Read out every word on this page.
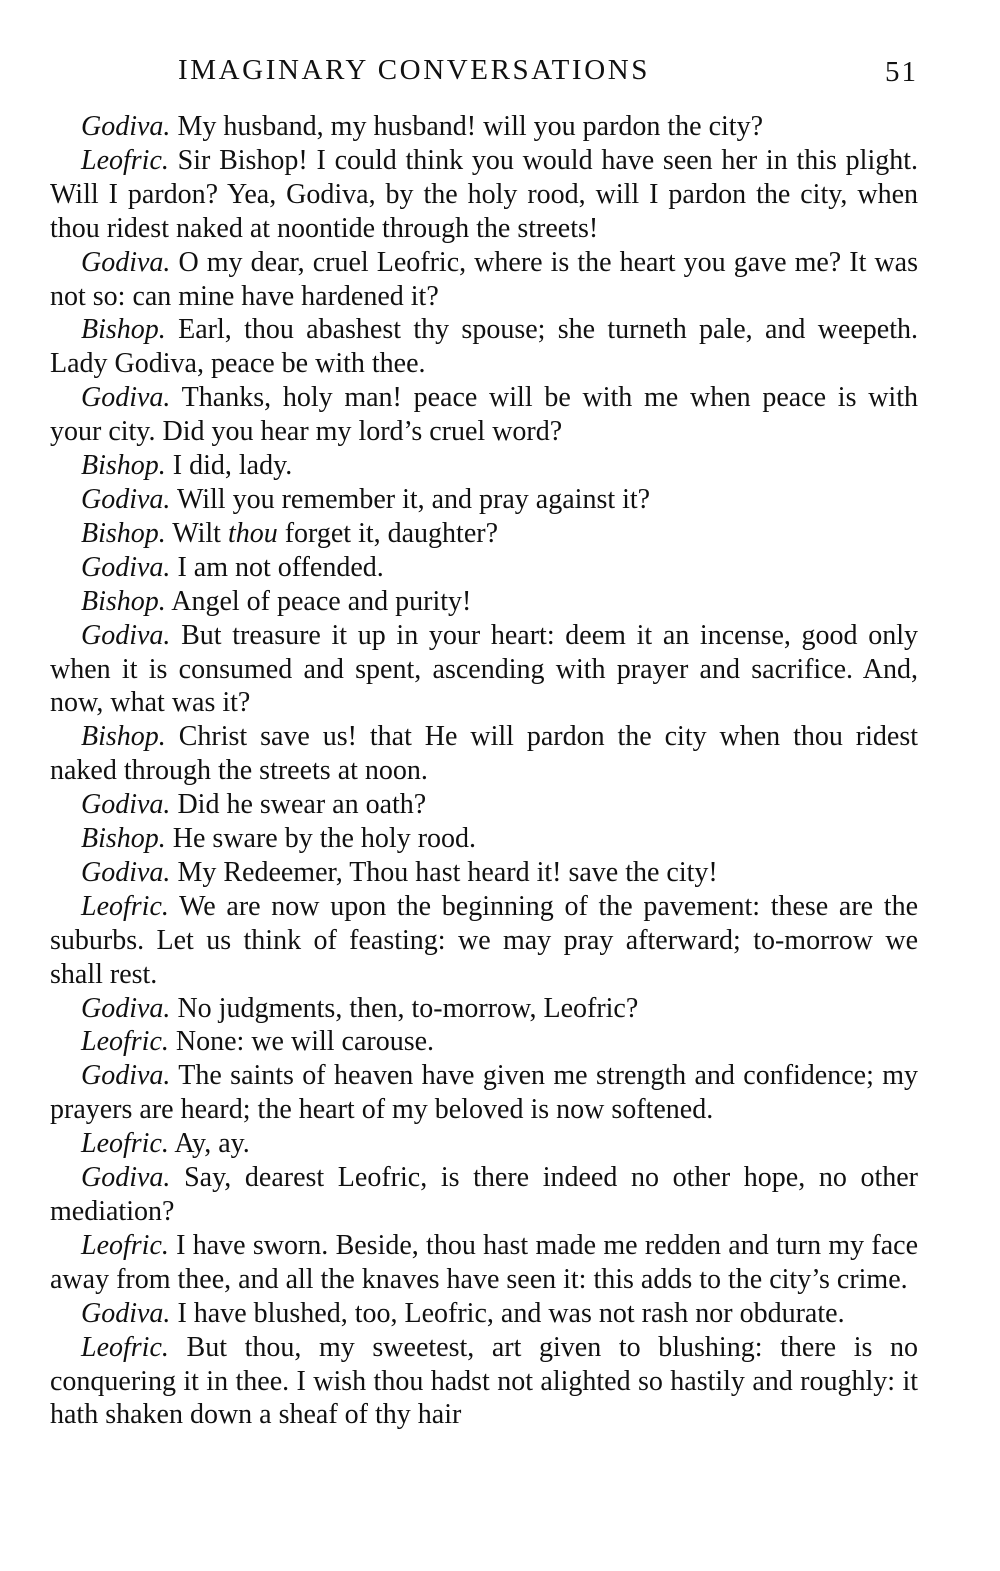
IMAGINARY CONVERSATIONS	51

Godiva. My husband, my husband! will you pardon the city?

Leofric. Sir Bishop! I could think you would have seen her in this plight. Will I pardon? Yea, Godiva, by the holy rood, will I pardon the city, when thou ridest naked at noontide through the streets!

Godiva. O my dear, cruel Leofric, where is the heart you gave me? It was not so: can mine have hardened it?

Bishop. Earl, thou abashest thy spouse; she turneth pale, and weepeth. Lady Godiva, peace be with thee.

Godiva. Thanks, holy man! peace will be with me when peace is with your city. Did you hear my lord’s cruel word?

Bishop. I did, lady.

Godiva. Will you remember it, and pray against it?

Bishop. Wilt thou forget it, daughter?

Godiva. I am not offended.

Bishop. Angel of peace and purity!

Godiva. But treasure it up in your heart: deem it an incense, good only when it is consumed and spent, ascending with prayer and sacrifice. And, now, what was it?

Bishop. Christ save us! that He will pardon the city when thou ridest naked through the streets at noon.

Godiva. Did he swear an oath?

Bishop. He sware by the holy rood.

Godiva. My Redeemer, Thou hast heard it! save the city!

Leofric. We are now upon the beginning of the pavement: these are the suburbs. Let us think of feasting: we may pray afterward; to-morrow we shall rest.

Godiva. No judgments, then, to-morrow, Leofric?

Leofric. None: we will carouse.

Godiva. The saints of heaven have given me strength and confidence; my prayers are heard; the heart of my beloved is now softened.

Leofric. Ay, ay.

Godiva. Say, dearest Leofric, is there indeed no other hope, no other mediation?

Leofric. I have sworn. Beside, thou hast made me redden and turn my face away from thee, and all the knaves have seen it: this adds to the city’s crime.

Godiva. I have blushed, too, Leofric, and was not rash nor obdurate.

Leofric. But thou, my sweetest, art given to blushing: there is no conquering it in thee. I wish thou hadst not alighted so hastily and roughly: it hath shaken down a sheaf of thy hair
